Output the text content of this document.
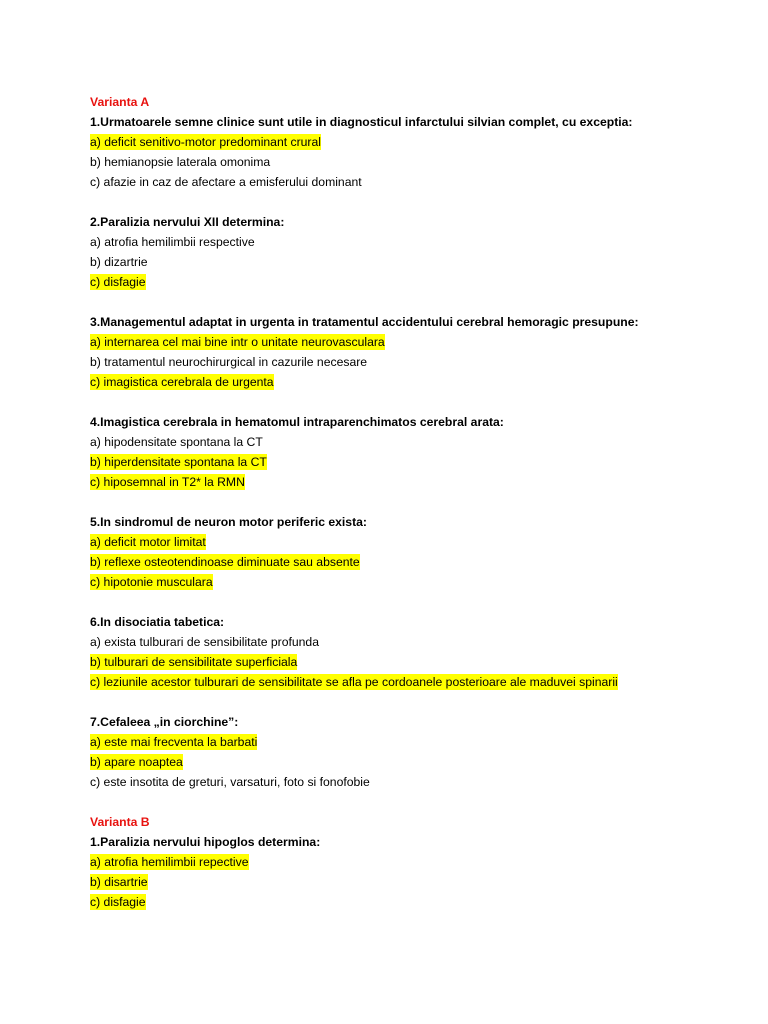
Varianta A
1.Urmatoarele semne clinice sunt utile in diagnosticul infarctului silvian complet, cu exceptia:
a) deficit senitivo-motor predominant crural
b) hemianopsie laterala omonima
c) afazie in caz de afectare a emisferului dominant
2.Paralizia nervului XII determina:
a) atrofia hemilimbii respective
b) dizartrie
c) disfagie
3.Managementul adaptat in urgenta in tratamentul accidentului cerebral hemoragic presupune:
a) internarea cel mai bine intr o unitate neurovasculara
b) tratamentul neurochirurgical in cazurile necesare
c) imagistica cerebrala de urgenta
4.Imagistica cerebrala in hematomul intraparenchimatos cerebral arata:
a) hipodensitate spontana la CT
b) hiperdensitate spontana la CT
c) hiposemnal in T2* la RMN
5.In sindromul de neuron motor periferic exista:
a) deficit motor limitat
b) reflexe osteotendinoase diminuate sau absente
c) hipotonie musculara
6.In disociatia tabetica:
a) exista tulburari de sensibilitate profunda
b) tulburari de sensibilitate superficiala
c) leziunile acestor tulburari de sensibilitate se afla pe cordoanele posterioare ale maduvei spinarii
7.Cefaleea „in ciorchine”:
a) este mai frecventa la barbati
b) apare noaptea
c) este insotita de greturi, varsaturi, foto si fonofobie
Varianta B
1.Paralizia nervului hipoglos determina:
a) atrofia hemilimbii repective
b) disartrie
c) disfagie
